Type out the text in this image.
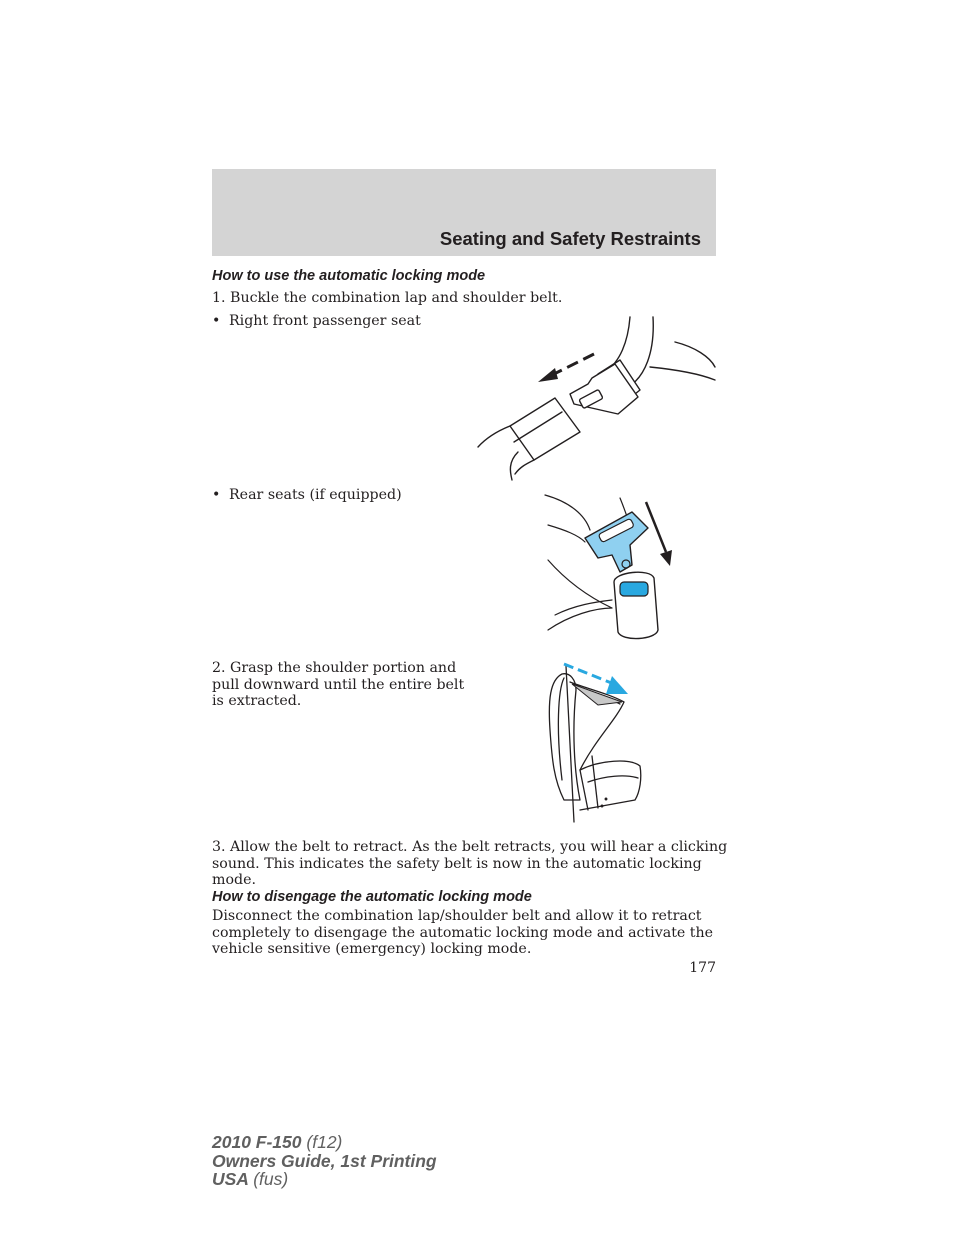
Seating and Safety Restraints
How to use the automatic locking mode

1. Buckle the combination lap and shoulder belt.

• Right front passenger seat
• Rear seats (if equipped)
2. Grasp the shoulder portion and
pull downward until the entire belt
is extracted.
3. Allow the belt to retract. As the belt retracts, you will hear a clicking
sound. This indicates the safety belt is now in the automatic locking
mode.
How to disengage the automatic locking mode
Disconnect the combination lap/shoulder belt and allow it to retract
completely to disengage the automatic locking mode and activate the
vehicle sensitive (emergency) locking mode.
177
2010 F-150 (f12)
Owners Guide, 1st Printing
USA (fus)
